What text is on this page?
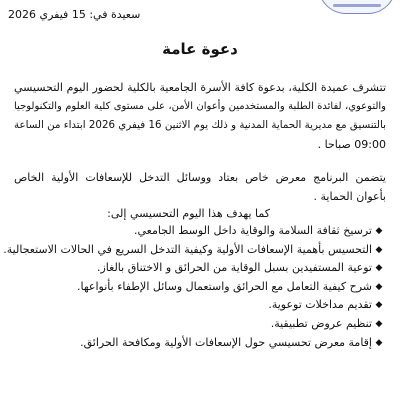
سعيدة في: 15 فيفري 2026
دعوة عامة
تتشرف عميدة الكلية، بدعوة كافة الأسرة الجامعية بالكلية لحضور اليوم التحسيسي
والتوعوي، لفائدة الطلبة والمستخدمين وأعوان الأمن، على مستوى كلية العلوم والتكنولوجيا
بالتنسيق مع مديرية الحماية المدنية و ذلك يوم الاثنين 16 فيفري 2026 ابتداء من الساعة
09:00 صباحا .
يتضمن البرنامج معرض خاص بعتاد ووسائل التدخل للإسعافات الأولية الخاص
بأعوان الحماية .
كما يهدف هذا اليوم التحسيسي إلى:
◆
ترسيخ ثقافة السلامة والوقاية داخل الوسط الجامعي.
◆
التحسيس بأهمية الإسعافات الأولية وكيفية التدخل السريع في الحالات الاستعجالية.
◆
توعية المستفيدين بسبل الوقاية من الحرائق و الاختناق بالغاز.
◆
شرح كيفية التعامل مع الحرائق واستعمال وسائل الإطفاء بأنواعها.
◆
تقديم مداخلات توعوية.
◆
تنظيم عروض تطبيقية.
◆
إقامة معرض تحسيسي حول الإسعافات الأولية ومكافحة الحرائق.
